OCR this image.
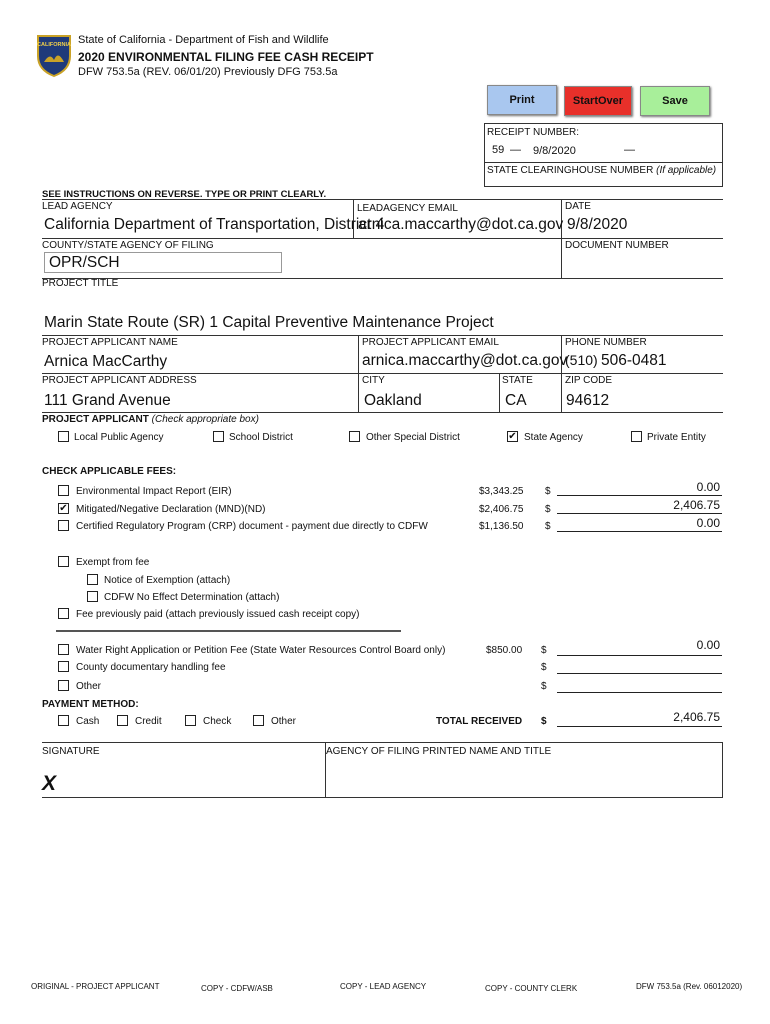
CALIFORNIA State of California - Department of Fish and Wildlife
2020 ENVIRONMENTAL FILING FEE CASH RECEIPT
DFW 753.5a (REV. 06/01/20) Previously DFG 753.5a
Print	StartOver	Save
RECEIPT NUMBER:
59 — 9/8/2020	—
STATE CLEARINGHOUSE NUMBER (If applicable)
SEE INSTRUCTIONS ON REVERSE. TYPE OR PRINT CLEARLY.
LEAD AGENCY	LEADAGENCY EMAIL	DATE
California Department of Transportation, District 4
arnica.maccarthy@dot.ca.gov 9/8/2020
COUNTY/STATE AGENCY OF FILING	DOCUMENT NUMBER
OPR/SCH
PROJECT TITLE
Marin State Route (SR) 1 Capital Preventive Maintenance Project
PROJECT APPLICANT NAME	PROJECT APPLICANT EMAIL	PHONE NUMBER
Arnica MacCarthy	arnica.maccarthy@dot.ca.gov
(510) 506-0481
PROJECT APPLICANT ADDRESS	CITY	STATE	ZIP CODE
111 Grand Avenue	Oakland	CA	94612
PROJECT APPLICANT (Check appropriate box)
Local Public Agency	School District	Other Special District	✔ State Agency	Private Entity
CHECK APPLICABLE FEES:
Environmental Impact Report (EIR)	$3,343.25 $	0.00
✔ Mitigated/Negative Declaration (MND)(ND)	$2,406.75 $	2,406.75
Certified Regulatory Program (CRP) document - payment due directly to CDFW	$1,136.50 $	0.00
Exempt from fee
Notice of Exemption (attach)
CDFW No Effect Determination (attach)
Fee previously paid (attach previously issued cash receipt copy)
Water Right Application or Petition Fee (State Water Resources Control Board only)	$850.00 $	0.00
County documentary handling fee	$
Other	$
PAYMENT METHOD:
Cash	Credit	Check	Other	TOTAL RECEIVED $	2,406.75
SIGNATURE	AGENCY OF FILING PRINTED NAME AND TITLE
X
ORIGINAL - PROJECT APPLICANT	COPY - CDFW/ASB	COPY - LEAD AGENCY	COPY - COUNTY CLERK	DFW 753.5a (Rev. 06012020)
